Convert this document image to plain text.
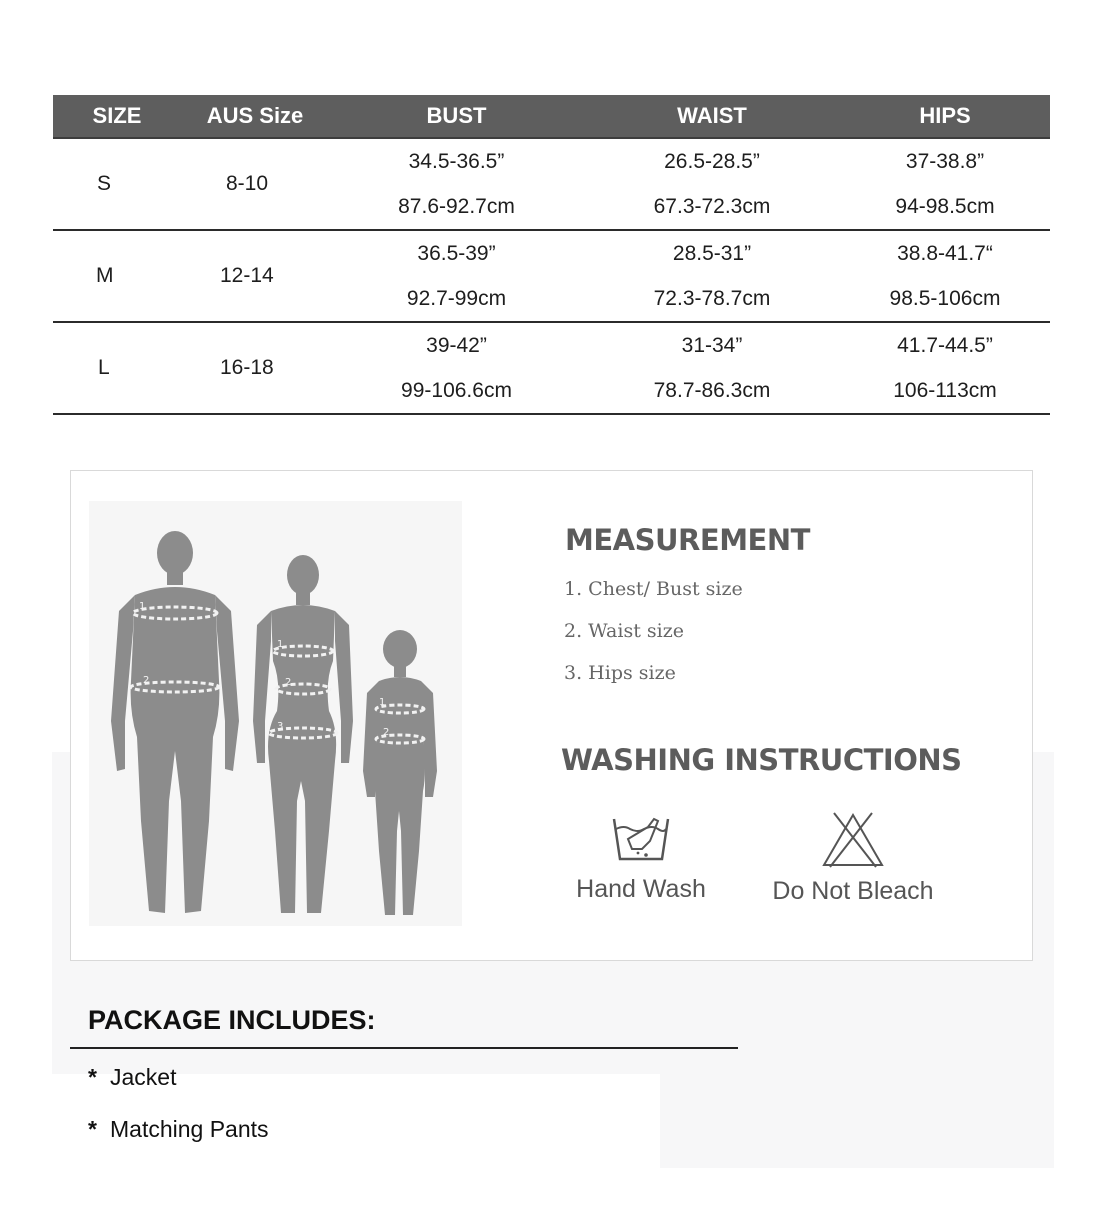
SIZE	AUS Size	BUST	WAIST	HIPS
S	8-10	34.5-36.5”	26.5-28.5”	37-38.8”
		87.6-92.7cm	67.3-72.3cm	94-98.5cm
M	12-14	36.5-39”	28.5-31”	38.8-41.7“
		92.7-99cm	72.3-78.7cm	98.5-106cm
L	16-18	39-42”	31-34”	41.7-44.5”
		99-106.6cm	78.7-86.3cm	106-113cm
1
2
1
2
3
1
2
MEASUREMENT
1. Chest/ Bust size
2. Waist size
3. Hips size
WASHING INSTRUCTIONS
Hand Wash	Do Not Bleach
PACKAGE INCLUDES:
* Jacket
* Matching Pants
